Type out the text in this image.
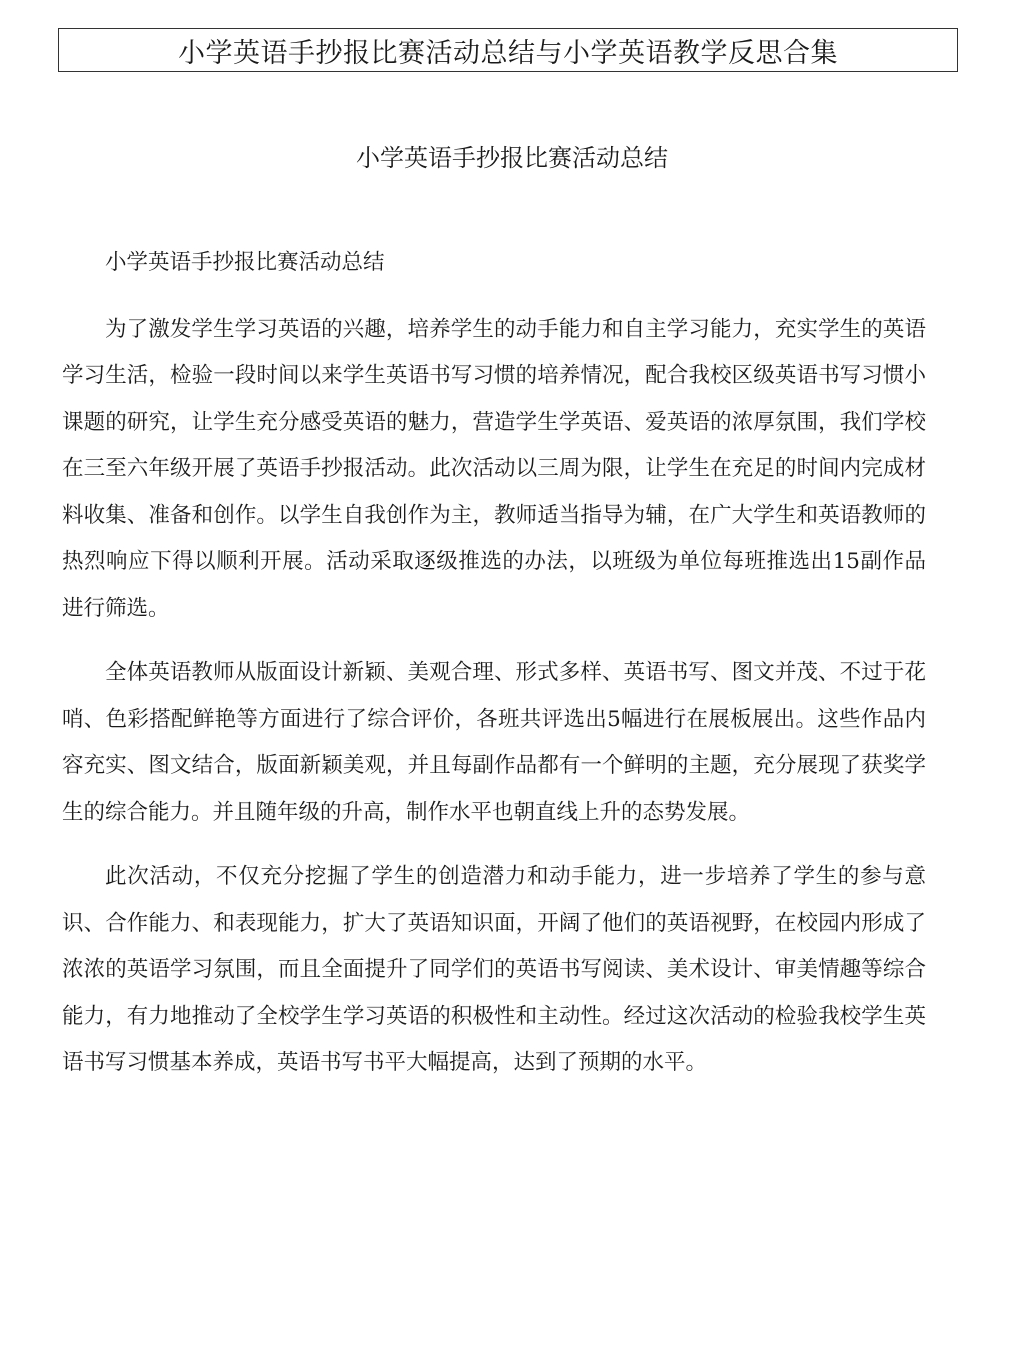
小学英语手抄报比赛活动总结与小学英语教学反思合集
小学英语手抄报比赛活动总结

小学英语手抄报比赛活动总结

为了激发学生学习英语的兴趣，培养学生的动手能力和自主学习能力，充实学生的英语学习生活，检验一段时间以来学生英语书写习惯的培养情况，配合我校区级英语书写习惯小课题的研究，让学生充分感受英语的魅力，营造学生学英语、爱英语的浓厚氛围，我们学校在三至六年级开展了英语手抄报活动。此次活动以三周为限，让学生在充足的时间内完成材料收集、准备和创作。以学生自我创作为主，教师适当指导为辅，在广大学生和英语教师的热烈响应下得以顺利开展。活动采取逐级推选的办法，以班级为单位每班推选出15副作品进行筛选。

全体英语教师从版面设计新颖、美观合理、形式多样、英语书写、图文并茂、不过于花哨、色彩搭配鲜艳等方面进行了综合评价，各班共评选出5幅进行在展板展出。这些作品内容充实、图文结合，版面新颖美观，并且每副作品都有一个鲜明的主题，充分展现了获奖学生的综合能力。并且随年级的升高，制作水平也朝直线上升的态势发展。

此次活动，不仅充分挖掘了学生的创造潜力和动手能力，进一步培养了学生的参与意识、合作能力、和表现能力，扩大了英语知识面，开阔了他们的英语视野，在校园内形成了浓浓的英语学习氛围，而且全面提升了同学们的英语书写阅读、美术设计、审美情趣等综合能力，有力地推动了全校学生学习英语的积极性和主动性。经过这次活动的检验我校学生英语书写习惯基本养成，英语书写书平大幅提高，达到了预期的水平。
